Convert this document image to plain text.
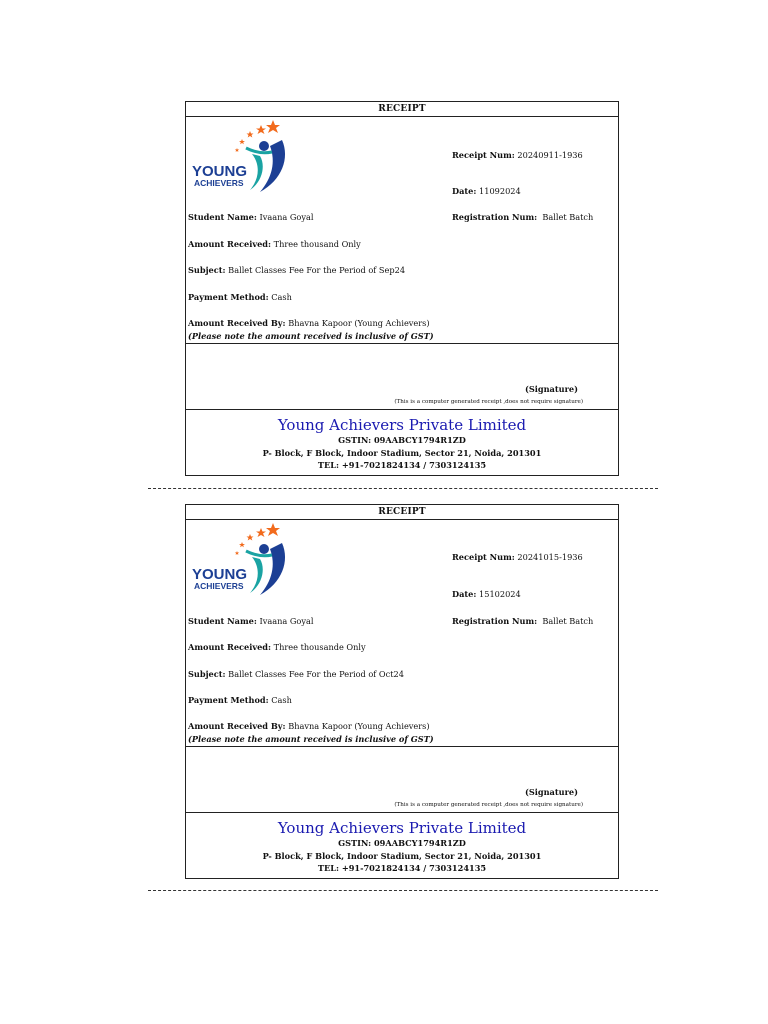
RECEIPT
YOUNG
ACHIEVERS
Receipt Num: 20240911-1936
Date: 11092024
Student Name: Ivaana Goyal	Registration Num: Ballet Batch
Amount Received: Three thousand Only
Subject: Ballet Classes Fee For the Period of Sep24
Payment Method: Cash
Amount Received By: Bhavna Kapoor (Young Achievers)
(Please note the amount received is inclusive of GST)
(Signature)
(This is a computer generated receipt ,does not require signature)
Young Achievers Private Limited
GSTIN: 09AABCY1794R1ZD
P- Block, F Block, Indoor Stadium, Sector 21, Noida, 201301
TEL: +91-7021824134 / 7303124135
RECEIPT
YOUNG
ACHIEVERS
Receipt Num: 20241015-1936
Date: 15102024
Student Name: Ivaana Goyal	Registration Num: Ballet Batch
Amount Received: Three thousande Only
Subject: Ballet Classes Fee For the Period of Oct24
Payment Method: Cash
Amount Received By: Bhavna Kapoor (Young Achievers)
(Please note the amount received is inclusive of GST)
(Signature)
(This is a computer generated receipt ,does not require signature)
Young Achievers Private Limited
GSTIN: 09AABCY1794R1ZD
P- Block, F Block, Indoor Stadium, Sector 21, Noida, 201301
TEL: +91-7021824134 / 7303124135
